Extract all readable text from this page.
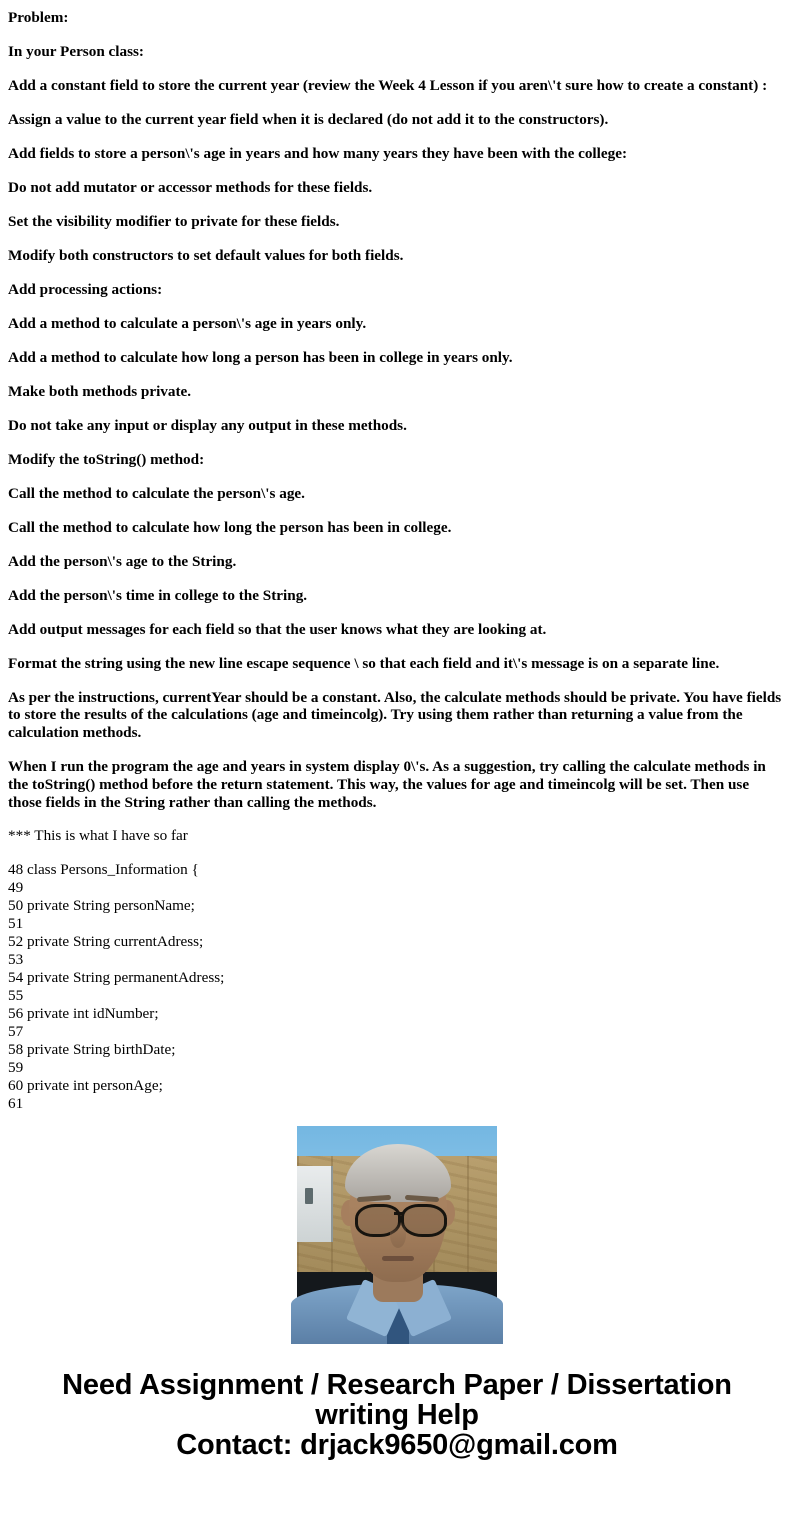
Problem:

In your Person class:

Add a constant field to store the current year (review the Week 4 Lesson if you aren\'t sure how to create a constant) :

Assign a value to the current year field when it is declared (do not add it to the constructors).

Add fields to store a person\'s age in years and how many years they have been with the college:

Do not add mutator or accessor methods for these fields.

Set the visibility modifier to private for these fields.

Modify both constructors to set default values for both fields.

Add processing actions:

Add a method to calculate a person\'s age in years only.

Add a method to calculate how long a person has been in college in years only.

Make both methods private.

Do not take any input or display any output in these methods.

Modify the toString() method:

Call the method to calculate the person\'s age.

Call the method to calculate how long the person has been in college.

Add the person\'s age to the String.

Add the person\'s time in college to the String.

Add output messages for each field so that the user knows what they are looking at.

Format the string using the new line escape sequence \ so that each field and it\'s message is on a separate line.

As per the instructions, currentYear should be a constant. Also, the calculate methods should be private. You have fields to store the results of the calculations (age and timeincolg). Try using them rather than returning a value from the calculation methods.

When I run the program the age and years in system display 0\'s. As a suggestion, try calling the calculate methods in the toString() method before the return statement. This way, the values for age and timeincolg will be set. Then use those fields in the String rather than calling the methods.

*** This is what I have so far
48 class Persons_Information {
49
50 private String personName;
51
52 private String currentAdress;
53
54 private String permanentAdress;
55
56 private int idNumber;
57
58 private String birthDate;
59
60 private int personAge;
61
Need Assignment / Research Paper / Dissertation
writing Help
Contact: drjack9650@gmail.com
